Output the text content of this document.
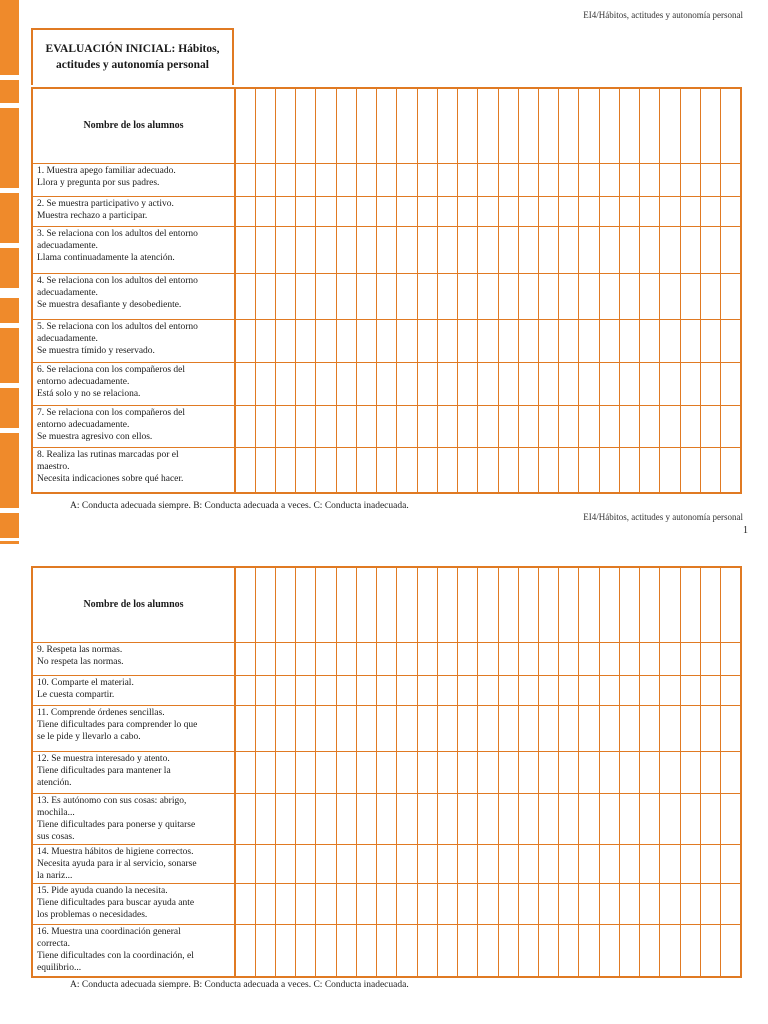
EI4/Hábitos, actitudes y autonomía personal
EVALUACIÓN INICIAL: Hábitos,
actitudes y autonomía personal
Nombre de los alumnos																									

1. Muestra apego familiar adecuado.
Llora y pregunta por sus padres.																									

2. Se muestra participativo y activo.
Muestra rechazo a participar.																									

3. Se relaciona con los adultos del entorno
adecuadamente.
Llama continuadamente la atención.																									

4. Se relaciona con los adultos del entorno
adecuadamente.
Se muestra desafiante y desobediente.																									

5. Se relaciona con los adultos del entorno
adecuadamente.
Se muestra tímido y reservado.																									

6. Se relaciona con los compañeros del
entorno adecuadamente.
Está solo y no se relaciona.																									

7. Se relaciona con los compañeros del
entorno adecuadamente.
Se muestra agresivo con ellos.																									

8. Realiza las rutinas marcadas por el
maestro.
Necesita indicaciones sobre qué hacer.																									

A: Conducta adecuada siempre. B: Conducta adecuada a veces. C: Conducta inadecuada.
EI4/Hábitos, actitudes y autonomía personal
1
Nombre de los alumnos																									

9. Respeta las normas.
No respeta las normas.																									

10. Comparte el material.
Le cuesta compartir.																									

11. Comprende órdenes sencillas.
Tiene dificultades para comprender lo que
se le pide y llevarlo a cabo.																									

12. Se muestra interesado y atento.
Tiene dificultades para mantener la
atención.																									

13. Es autónomo con sus cosas: abrigo,
mochila...
Tiene dificultades para ponerse y quitarse
sus cosas.																									

14. Muestra hábitos de higiene correctos.
Necesita ayuda para ir al servicio, sonarse
la nariz...																									

15. Pide ayuda cuando la necesita.
Tiene dificultades para buscar ayuda ante
los problemas o necesidades.																									

16. Muestra una coordinación general
correcta.
Tiene dificultades con la coordinación, el
equilibrio...																									

A: Conducta adecuada siempre. B: Conducta adecuada a veces. C: Conducta inadecuada.
